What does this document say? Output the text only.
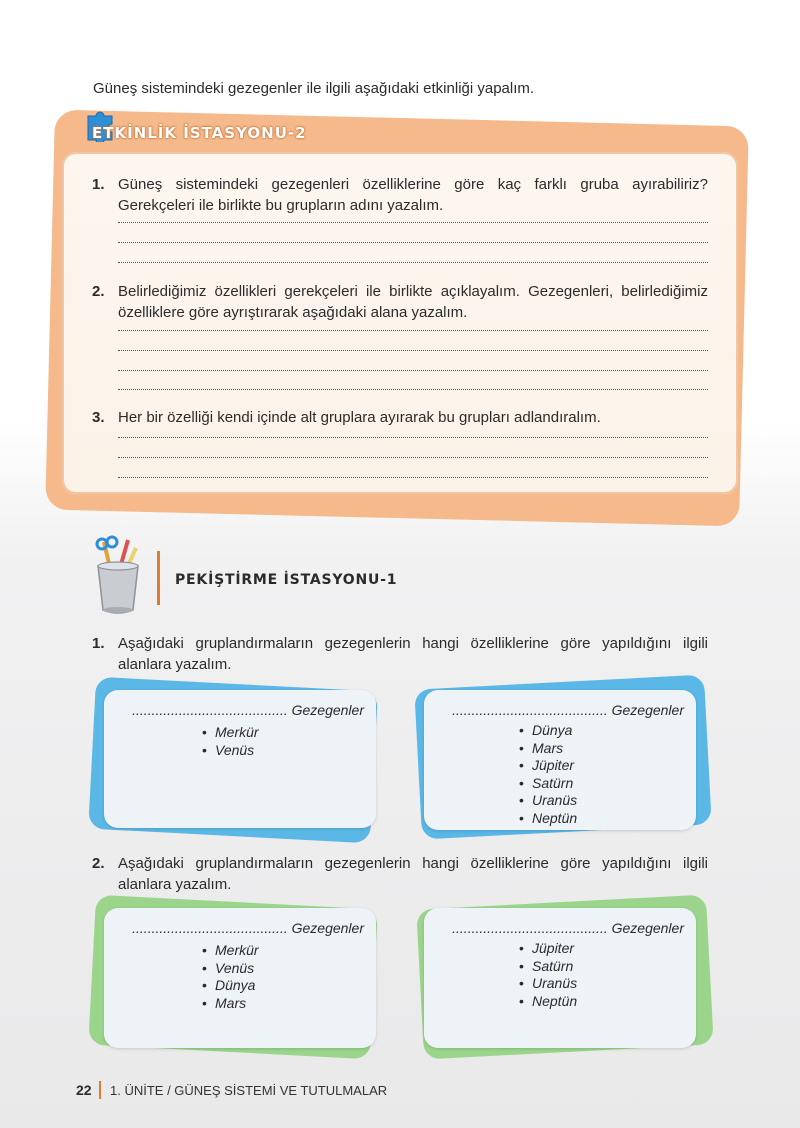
Güneş sistemindeki gezegenler ile ilgili aşağıdaki etkinliği yapalım.
ETKİNLİK İSTASYONU-2
1. Güneş sistemindeki gezegenleri özelliklerine göre kaç farklı gruba ayırabiliriz? Gerekçeleri ile birlikte bu grupların adını yazalım.
2. Belirlediğimiz özellikleri gerekçeleri ile birlikte açıklayalım. Gezegenleri, belirlediğimiz özelliklere göre ayrıştırarak aşağıdaki alana yazalım.
3. Her bir özelliği kendi içinde alt gruplara ayırarak bu grupları adlandıralım.
PEKİŞTİRME İSTASYONU-1
1. Aşağıdaki gruplandırmaların gezegenlerin hangi özelliklerine göre yapıldığını ilgili alanlara yazalım.
........................................ Gezegenler
• Merkür
• Venüs
........................................ Gezegenler
• Dünya
• Mars
• Jüpiter
• Satürn
• Uranüs
• Neptün
2. Aşağıdaki gruplandırmaların gezegenlerin hangi özelliklerine göre yapıldığını ilgili alanlara yazalım.
........................................ Gezegenler
• Merkür
• Venüs
• Dünya
• Mars
........................................ Gezegenler
• Jüpiter
• Satürn
• Uranüs
• Neptün
22 1. ÜNİTE / GÜNEŞ SİSTEMİ VE TUTULMALAR
